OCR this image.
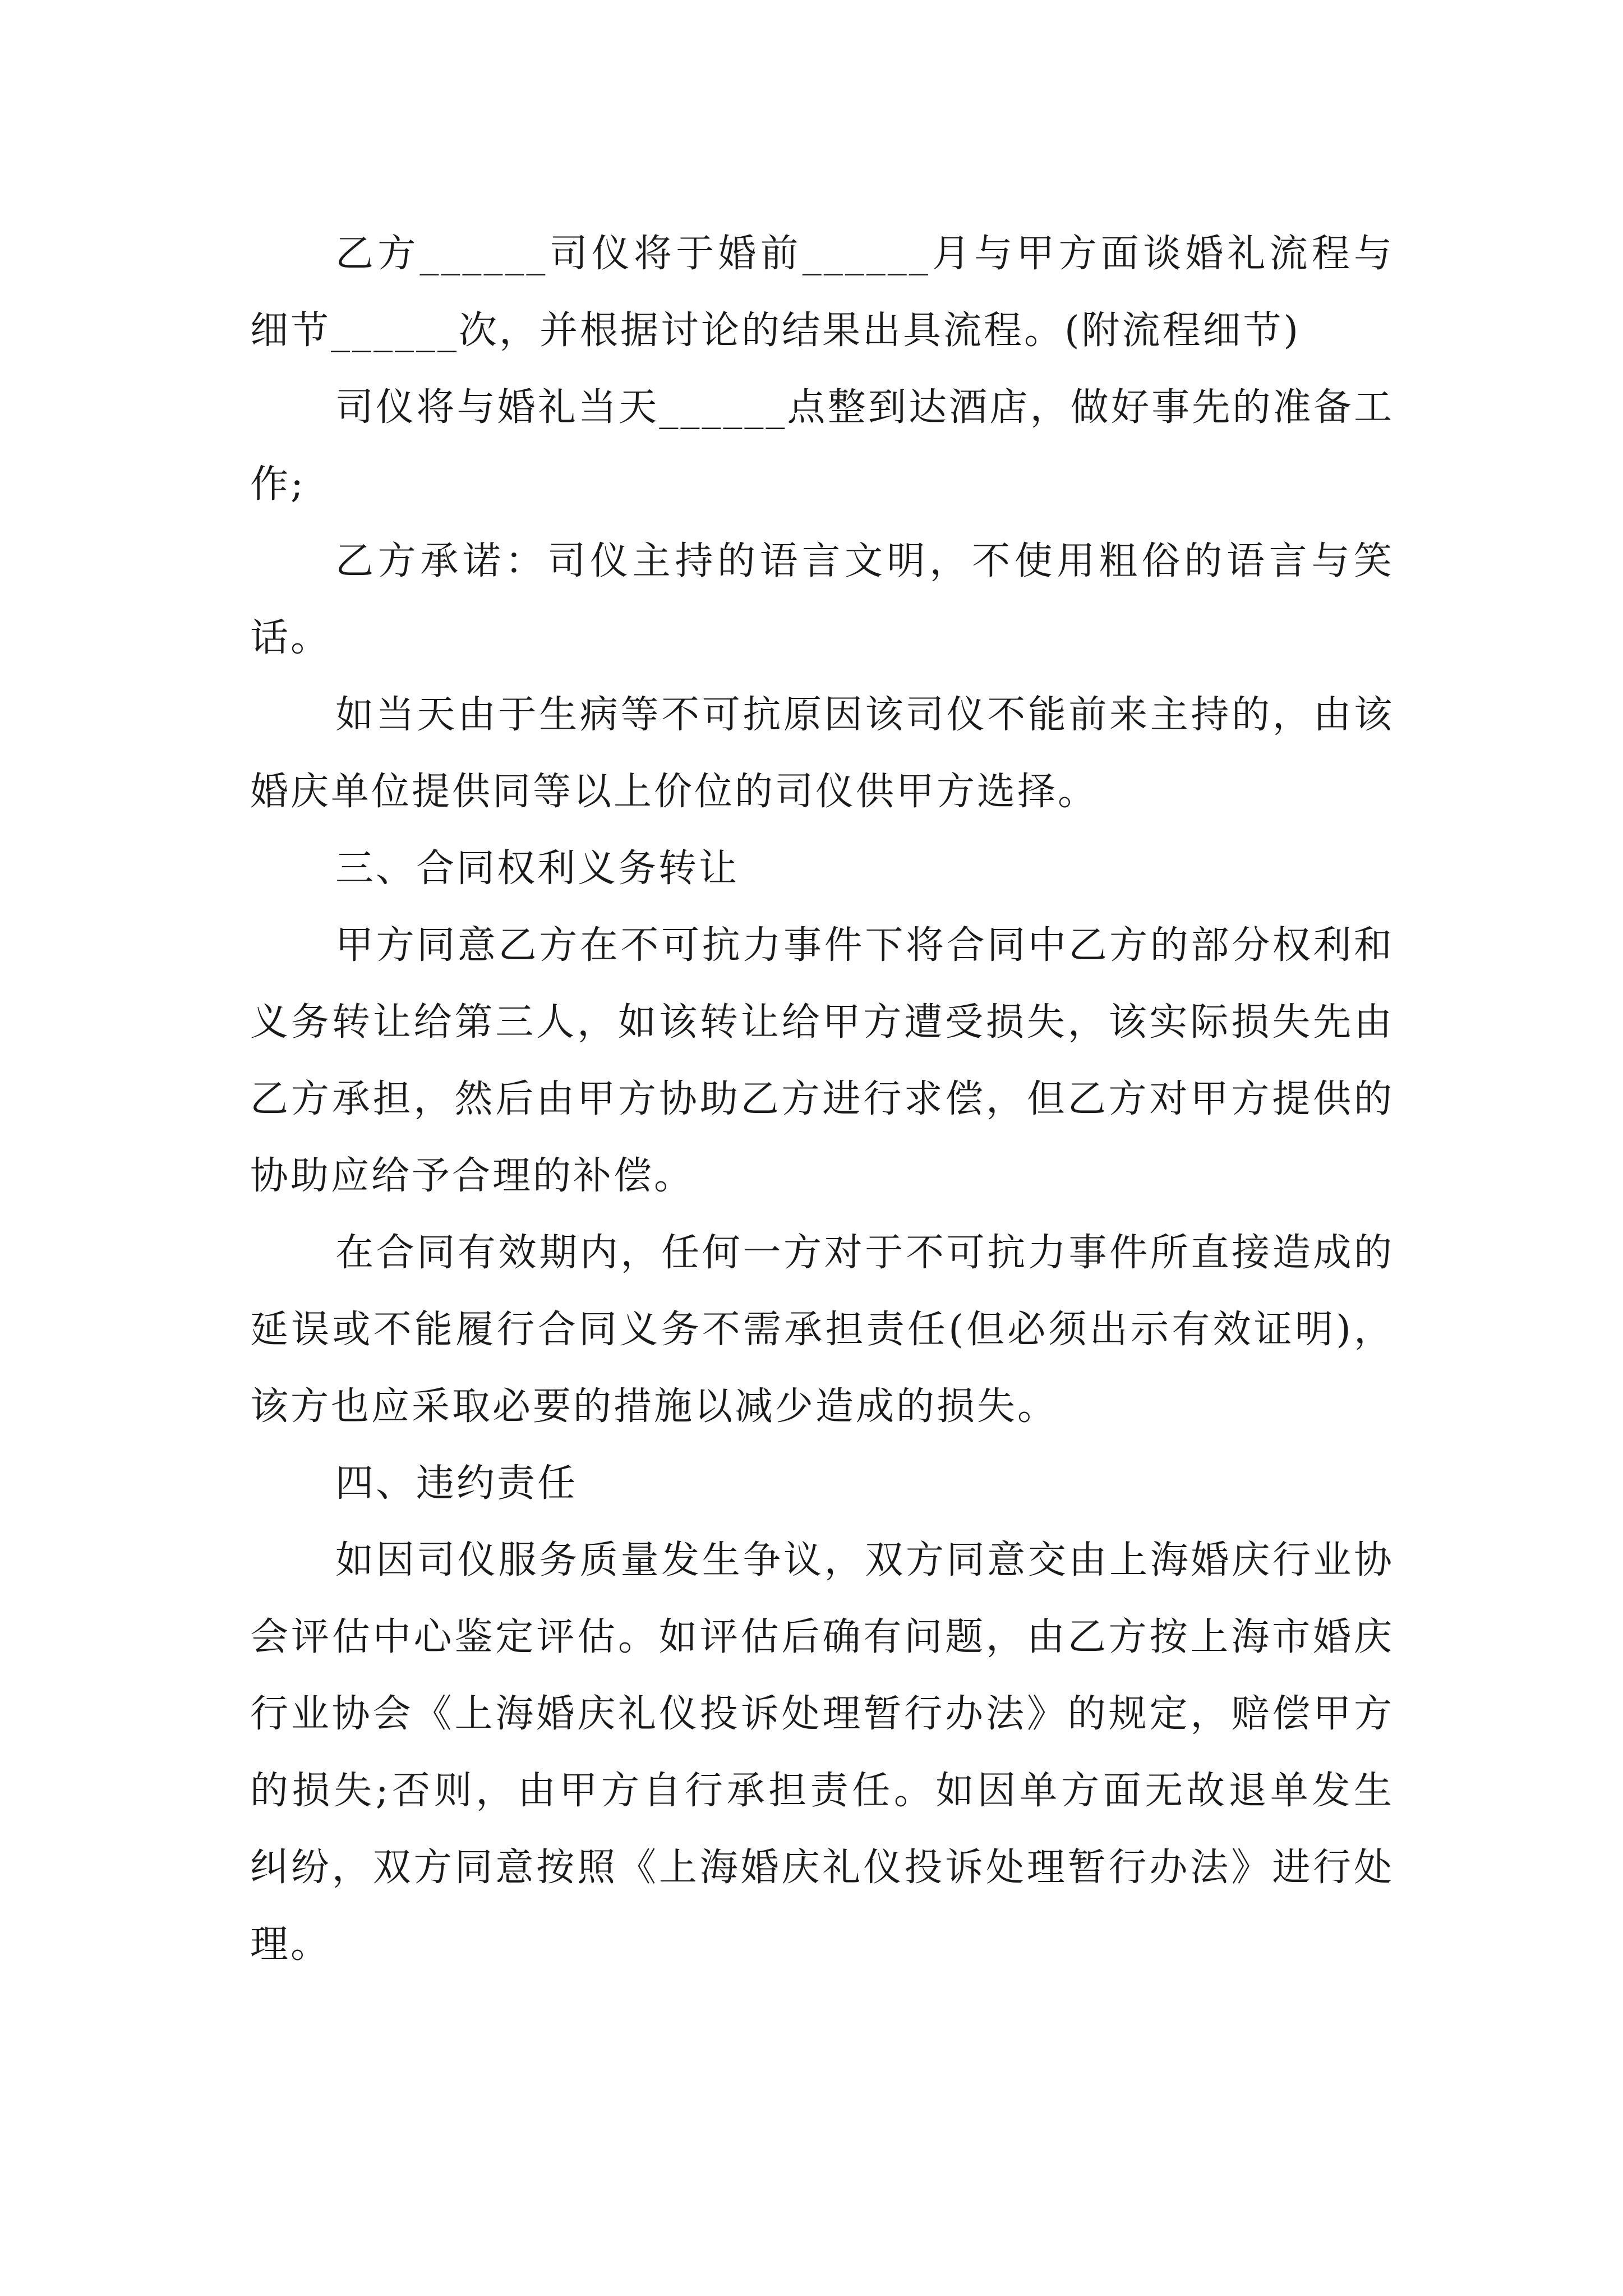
乙方______司仪将于婚前______月与甲方面谈婚礼流程与细节______次，并根据讨论的结果出具流程。(附流程细节)

司仪将与婚礼当天______点整到达酒店，做好事先的准备工作;

乙方承诺：司仪主持的语言文明，不使用粗俗的语言与笑话。

如当天由于生病等不可抗原因该司仪不能前来主持的，由该婚庆单位提供同等以上价位的司仪供甲方选择。

三、合同权利义务转让

甲方同意乙方在不可抗力事件下将合同中乙方的部分权利和义务转让给第三人，如该转让给甲方遭受损失，该实际损失先由乙方承担，然后由甲方协助乙方进行求偿，但乙方对甲方提供的协助应给予合理的补偿。

在合同有效期内，任何一方对于不可抗力事件所直接造成的延误或不能履行合同义务不需承担责任(但必须出示有效证明)，该方也应采取必要的措施以减少造成的损失。

四、违约责任

如因司仪服务质量发生争议，双方同意交由上海婚庆行业协会评估中心鉴定评估。如评估后确有问题，由乙方按上海市婚庆行业协会《上海婚庆礼仪投诉处理暂行办法》的规定，赔偿甲方的损失;否则，由甲方自行承担责任。如因单方面无故退单发生纠纷，双方同意按照《上海婚庆礼仪投诉处理暂行办法》进行处理。
